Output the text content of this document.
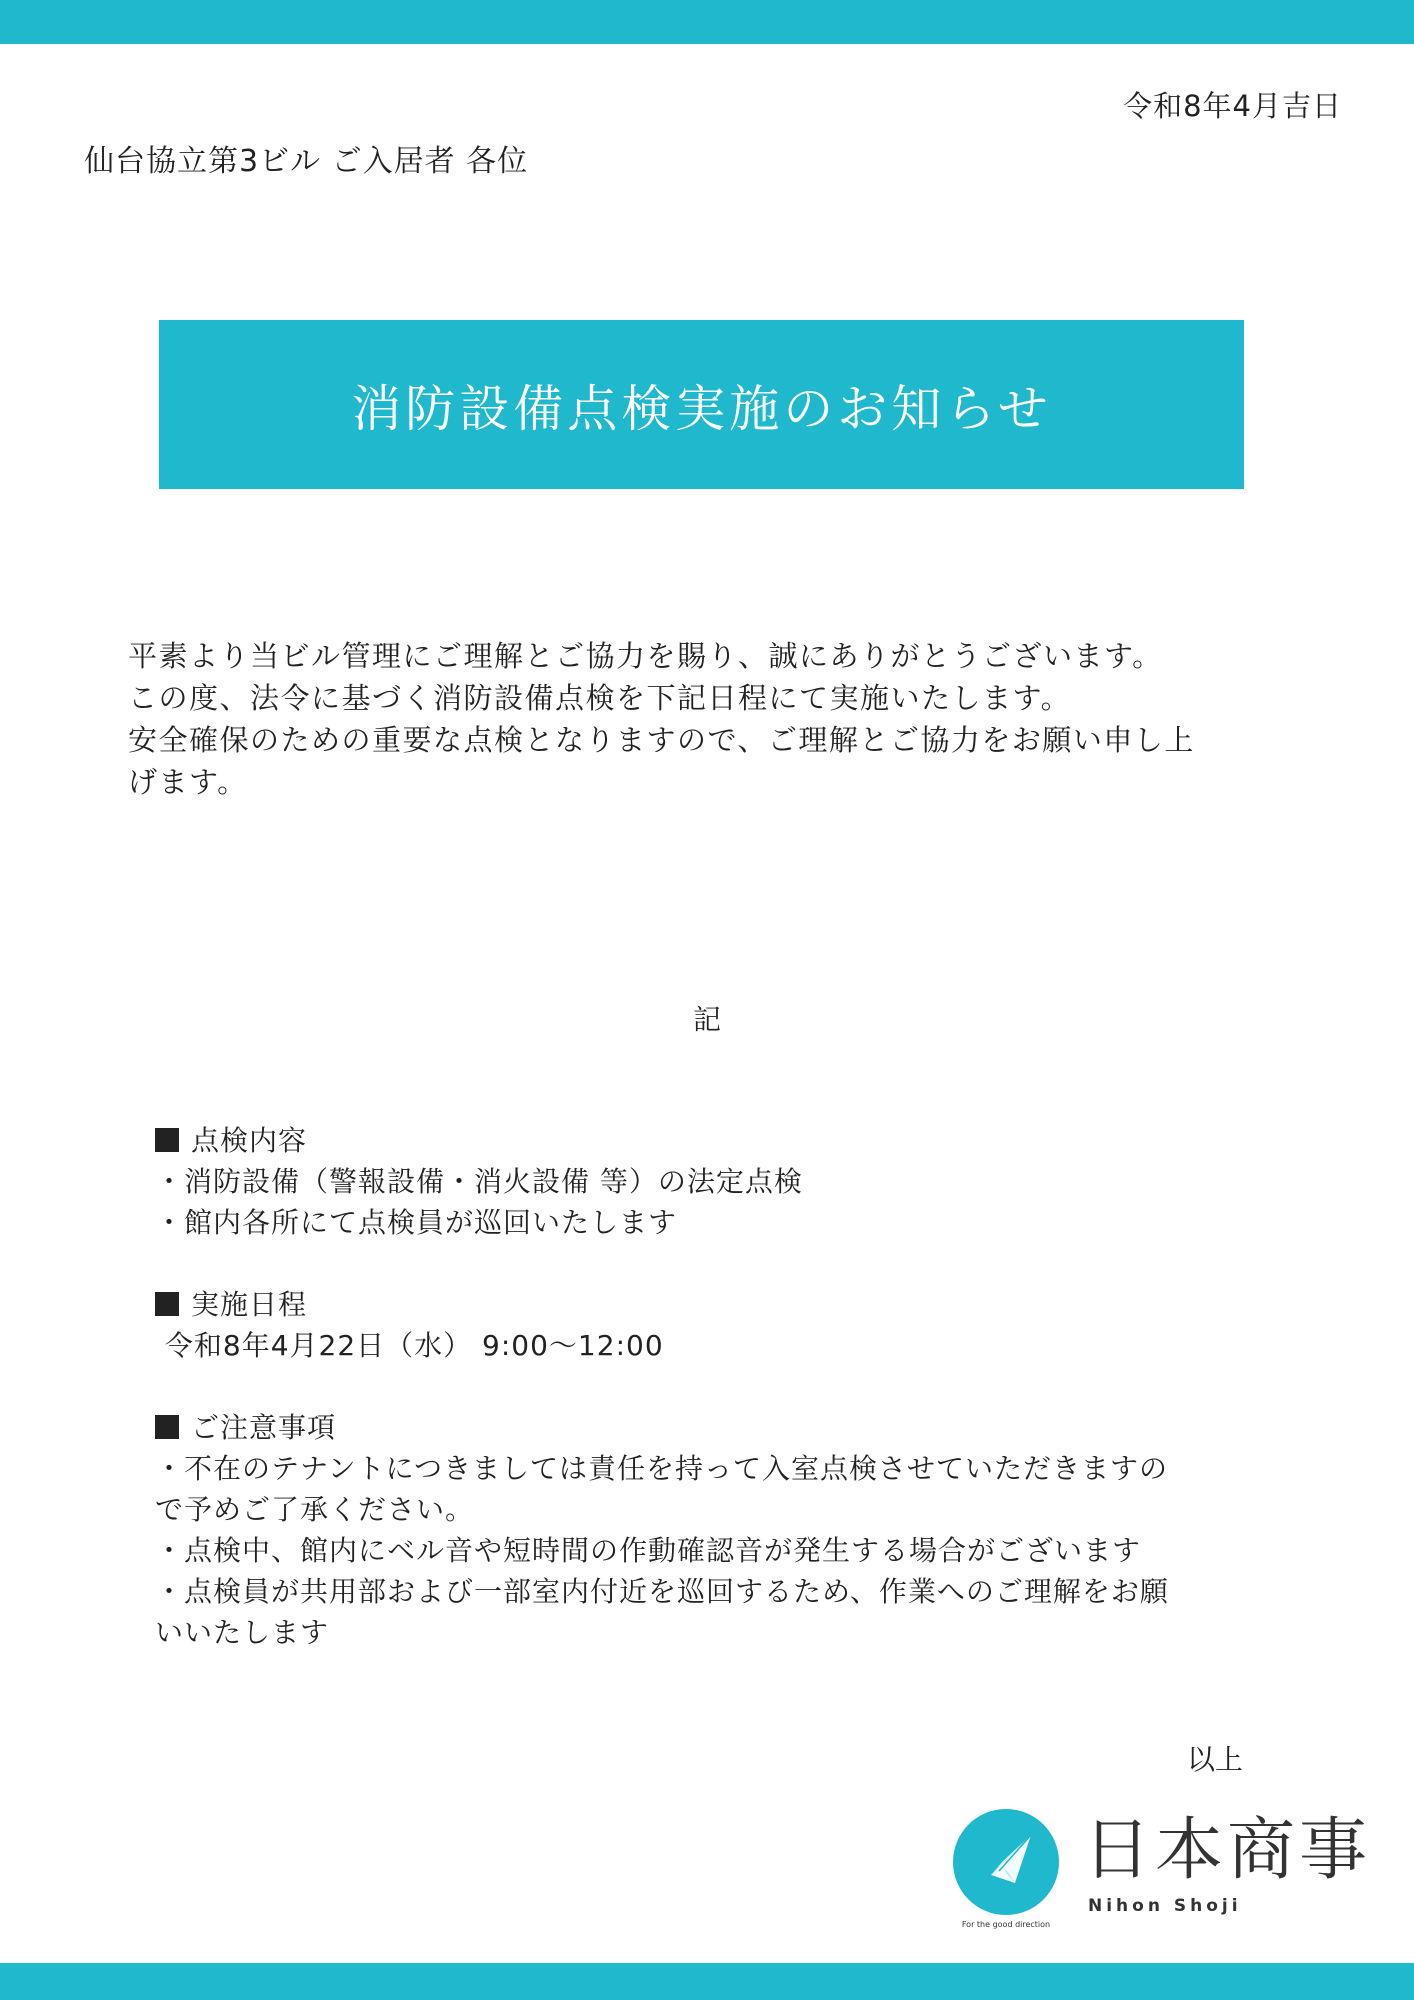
令和8年4月吉日
仙台協立第3ビル ご入居者 各位
消防設備点検実施のお知らせ

平素より当ビル管理にご理解とご協力を賜り、誠にありがとうございます。

この度、法令に基づく消防設備点検を下記日程にて実施いたします。

安全確保のための重要な点検となりますので、ご理解とご協力をお願い申し上

げます。

記

点検内容

・消防設備（警報設備・消火設備 等）の法定点検

・館内各所にて点検員が巡回いたします

実施日程

令和8年4月22日（水） 9:00〜12:00

ご注意事項

・不在のテナントにつきましては責任を持って入室点検させていただきますの

で予めご了承ください。

・点検中、館内にベル音や短時間の作動確認音が発生する場合がございます

・点検員が共用部および一部室内付近を巡回するため、作業へのご理解をお願

いいたします

以上
For the good direction
日本商事
Nihon Shoji
